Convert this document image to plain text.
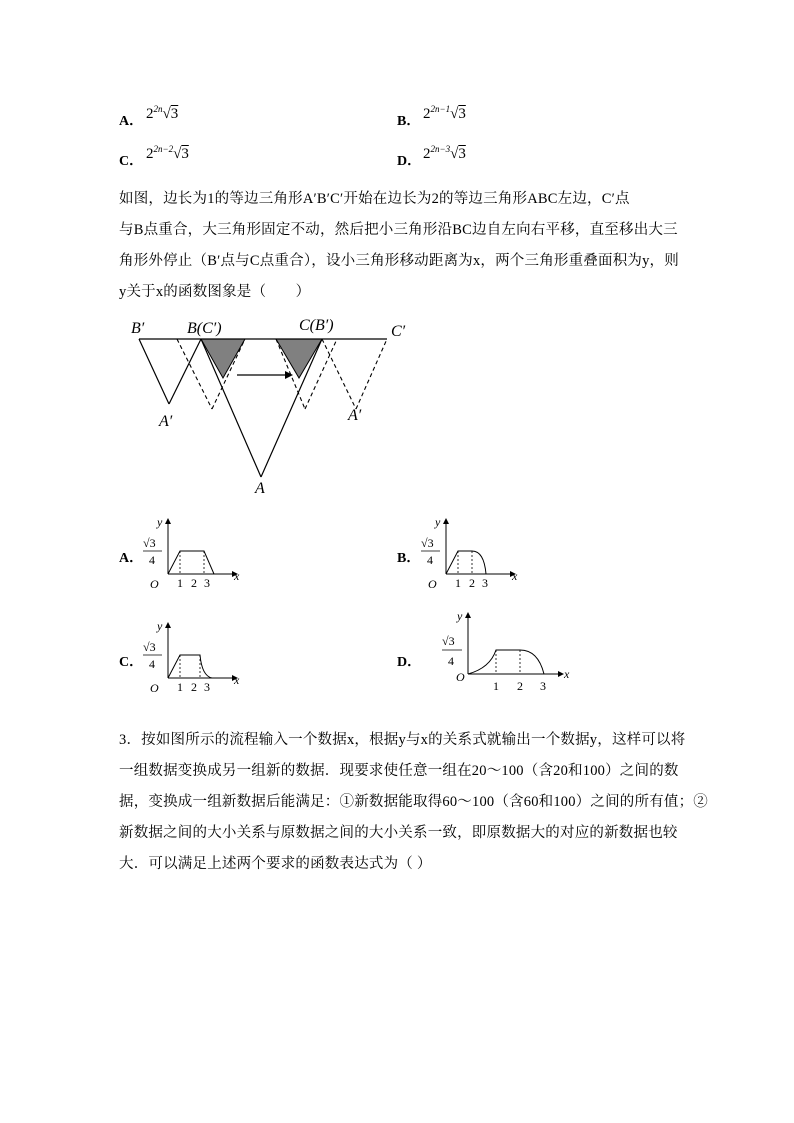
A． $2^{2n}√3$	B． $2^{2n-1}√3$
C． $2^{2n-2}√3$	D． $2^{2n-3}√3$
如图，边长为1的等边三角形A′B′C′开始在边长为2的等边三角形ABC左边，C′点
与B点重合，大三角形固定不动，然后把小三角形沿BC边自左向右平移，直至移出大三
角形外停止（B′点与C点重合），设小三角形移动距离为x，两个三角形重叠面积为y，则
y关于x的函数图象是（　　）
B′	B(C′)	C(B′)	C′
A′	A′
A
A．	B．
C．	D．
y
x
O
√3
4
1 2 3
y
x
O
√3
4
1 2 3
y
x
O
√3
4
1 2 3
y
x
O
√3
4
1 2 3
3．按如图所示的流程输入一个数据x，根据y与x的关系式就输出一个数据y，这样可以将
一组数据变换成另一组新的数据．现要求使任意一组在20～100（含20和100）之间的数
据，变换成一组新数据后能满足：①新数据能取得60～100（含60和100）之间的所有值；②
新数据之间的大小关系与原数据之间的大小关系一致，即原数据大的对应的新数据也较
大．可以满足上述两个要求的函数表达式为（ ）
